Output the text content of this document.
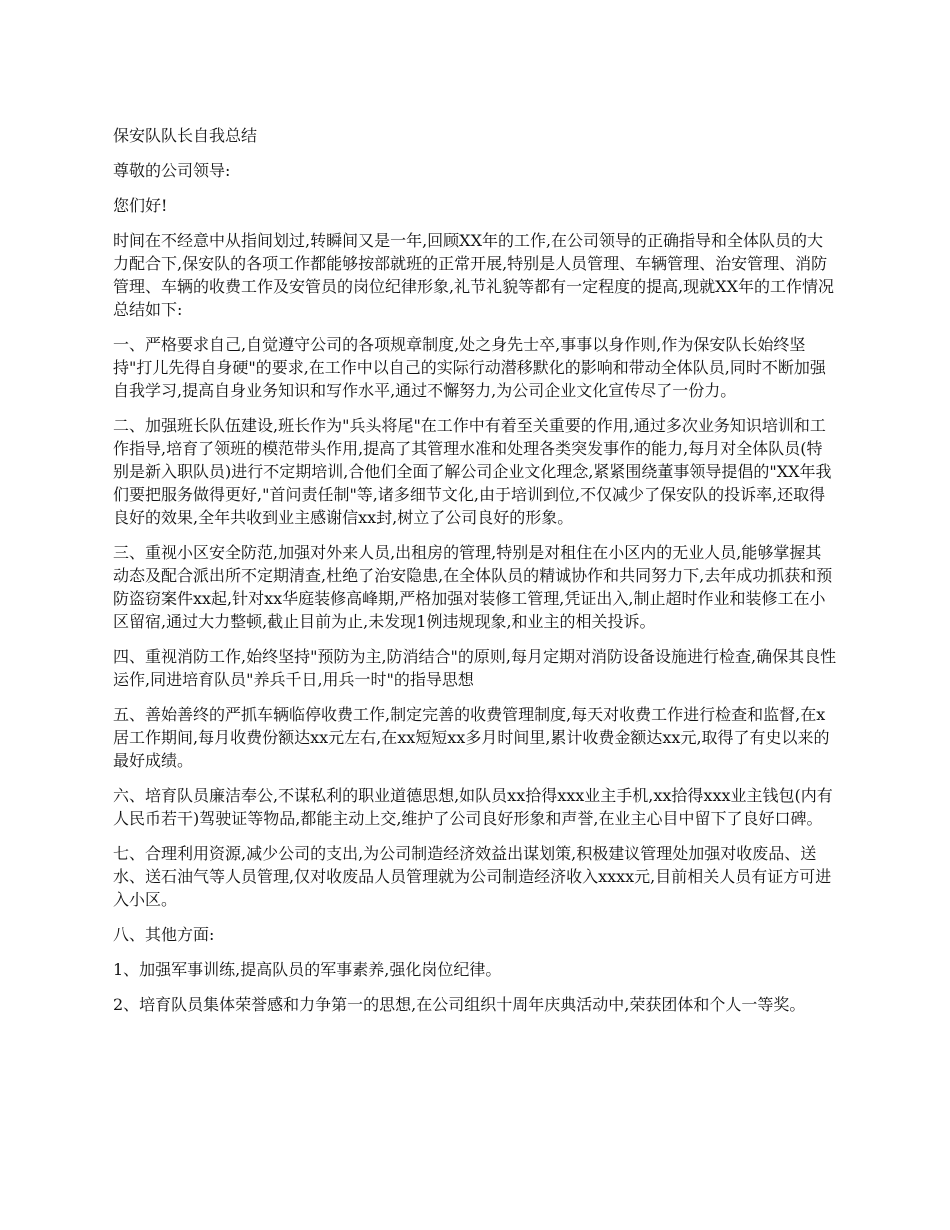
保安队队长自我总结

尊敬的公司领导:

您们好!

时间在不经意中从指间划过,转瞬间又是一年,回顾XX年的工作,在公司领导的正确指导和全体队员的大力配合下,保安队的各项工作都能够按部就班的正常开展,特别是人员管理、车辆管理、治安管理、消防管理、车辆的收费工作及安管员的岗位纪律形象,礼节礼貌等都有一定程度的提高,现就XX年的工作情况总结如下:

一、严格要求自己,自觉遵守公司的各项规章制度,处之身先士卒,事事以身作则,作为保安队长始终坚持"打儿先得自身硬"的要求,在工作中以自己的实际行动潜移默化的影响和带动全体队员,同时不断加强自我学习,提高自身业务知识和写作水平,通过不懈努力,为公司企业文化宣传尽了一份力。

二、加强班长队伍建设,班长作为"兵头将尾"在工作中有着至关重要的作用,通过多次业务知识培训和工作指导,培育了领班的模范带头作用,提高了其管理水准和处理各类突发事作的能力,每月对全体队员(特别是新入职队员)进行不定期培训,合他们全面了解公司企业文化理念,紧紧围绕董事领导提倡的"XX年我们要把服务做得更好,"首问责任制"等,诸多细节文化,由于培训到位,不仅减少了保安队的投诉率,还取得良好的效果,全年共收到业主感谢信xx封,树立了公司良好的形象。

三、重视小区安全防范,加强对外来人员,出租房的管理,特别是对租住在小区内的无业人员,能够掌握其动态及配合派出所不定期清查,杜绝了治安隐患,在全体队员的精诚协作和共同努力下,去年成功抓获和预防盗窃案件xx起,针对xx华庭装修高峰期,严格加强对装修工管理,凭证出入,制止超时作业和装修工在小区留宿,通过大力整顿,截止目前为止,未发现1例违规现象,和业主的相关投诉。

四、重视消防工作,始终坚持"预防为主,防消结合"的原则,每月定期对消防设备设施进行检查,确保其良性运作,同进培育队员"养兵千日,用兵一时"的指导思想

五、善始善终的严抓车辆临停收费工作,制定完善的收费管理制度,每天对收费工作进行检查和监督,在x居工作期间,每月收费份额达xx元左右,在xx短短xx多月时间里,累计收费金额达xx元,取得了有史以来的最好成绩。

六、培育队员廉洁奉公,不谋私利的职业道德思想,如队员xx拾得xxx业主手机,xx拾得xxx业主钱包(内有人民币若干)驾驶证等物品,都能主动上交,维护了公司良好形象和声誉,在业主心目中留下了良好口碑。

七、合理利用资源,减少公司的支出,为公司制造经济效益出谋划策,积极建议管理处加强对收废品、送水、送石油气等人员管理,仅对收废品人员管理就为公司制造经济收入xxxx元,目前相关人员有证方可进入小区。

八、其他方面:

1、加强军事训练,提高队员的军事素养,强化岗位纪律。

2、培育队员集体荣誉感和力争第一的思想,在公司组织十周年庆典活动中,荣获团体和个人一等奖。
